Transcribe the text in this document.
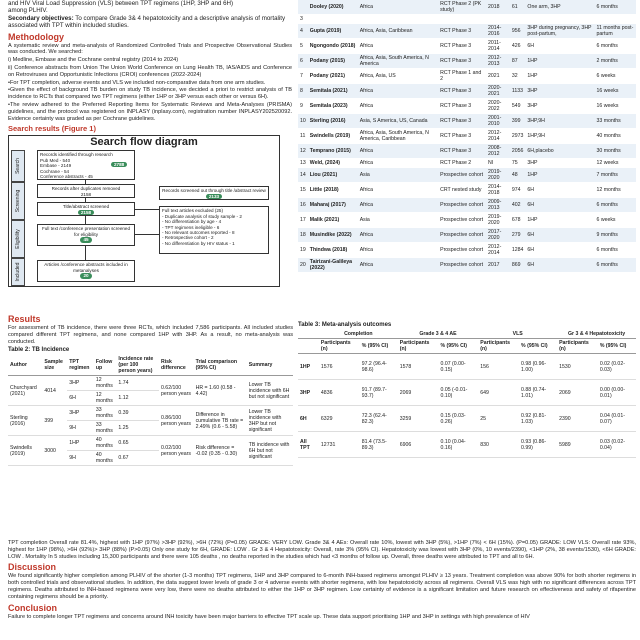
and HIV Viral Load Suppression (VLS) between TPT regimens (1HP, 3HP and 6H)

among PLHIV.

Secondary objectives: To compare Grade 3& 4 hepatotoxicity and a descriptive analysis of mortality associated with TPT within included studies.

Methodology

A systematic review and meta-analysis of Randomized Controlled Trials and Prospective Observational Studies was conducted. We searched:

i) Medline, Embase and the Cochrane central registry (2014 to 2024)

ii) Conference abstracts from Union The Union World Conference on Lung Health TB, IAS/AIDS and Conference on Retroviruses and Opportunistic Infections (CROI) conferences (2022-2024)

•For TPT completion, adverse events and VLS we included non-comparative data from one arm studies.

•Given the effect of background TB burden on study TB incidence, we decided a priori to restrict analysis of TB incidence to RCTs that compared two TPT regimens (either 1HP or 3HP versus each other or versus 6H).

•The review adhered to the Preferred Reporting Items for Systematic Reviews and Meta-Analyses (PRISMA) guidelines, and the protocol was registered on INPLASY (inplasy.com), registration number INPLASY202520092. Evidence certainty was graded as per Cochrane guidelines.

Search results (Figure 1)
Search flow diagram
Search
Screening
Eligibility
Included
Records identified through research
Pub Med - 540
Embase - 2149
Cochrane - 54
Conference abstracts - 45
2788
Records after duplicates removed
2158
Records screened out through title /abstract review
2133
Title/abstract screened
2158	Full text articles excluded (25)
- Duplicate analysis of study sample - 2
- No differentiation by age - 4
- TPT regimens ineligible - 6
- No relevant outcomes reported - 8
- Retrospective cohort - 2
- No differentiation by HIV status - 1
Full text /conference presentation screened for eligibility
45
Articles /conference abstracts included in metanalyses
20
	Dooley (2020)	Africa	RCT Phase 2 (PK study)	2018	61	One arm, 3HP	6 months
3							
4	Gupta (2019)	Africa, Asia, Caribbean	RCT Phase 3	2014-2016	956	3HP during pregnancy, 3HP post-partum,	11 months post-partum
5	Ngongondo (2018)	Africa	RCT Phase 3	2011-2014	426	6H	6 months
6	Podany (2015)	Africa, Asia, South America, N America	RCT Phase 3	2012-2013	87	1HP	2 months
7	Podany (2021)	Africa, Asia, US	RCT Phase 1 and 2	2021	32	1HP	6 weeks
8	Semitala (2021)	Africa	RCT Phase 3	2020-2021	1133	3HP	16 weeks
9	Semitala (2023)	Africa	RCT Phase 3	2020-2022	549	3HP	16 weeks
10	Sterling (2016)	Asia, S America, US, Canada	RCT Phase 3	2001-2010	399	3HP,9H	33 months
11	Swindells (2019)	Africa, Asia, South America, N America, Caribbean	RCT Phase 3	2012-2014	2973	1HP,9H	40 months
12	Temprano (2015)	Africa	RCT Phase 3	2008-2012	2056	6H,placebo	30 months
13	Weld, (2024)	Africa	RCT Phase 2	NI	75	3HP	12 weeks
14	Liou (2021)	Asia	Prospective cohort	2019-2020	48	1HP	7 months
15	Little (2018)	Africa	CRT nested study	2014-2018	974	6H	12 months
16	Maharaj (2017)	Africa	Prospective cohort	2009-2013	402	6H	6 months
17	Malik (2021)	Asia	Prospective cohort	2019-2020	678	1HP	6 weeks
18	Musindike (2022)	Africa	Prospective cohort	2017-2020	279	6H	9 months
19	Thindwa (2018)	Africa	Prospective cohort	2012-2014	1284	6H	6 months
20	Tairizani-Galileya (2022)	Africa	Prospective cohort	2017	869	6H	6 months
Results

For assessment of TB incidence, there were three RCTs, which included 7,586 participants. All included studies compared different TPT regimens, and none compared 1HP with 3HP. As a result, no meta-analysis was conducted.

Table 2: TB Incidence
Author	Sample size	TPT regimen	Follow up	Incidence rate (per 100 person years)	Risk difference	Trial comparison (95% CI)	Summary
Churchyard (2021)	4014	3HP	12 months	1.74	0.62/100 person years	HR = 1.60 (0.58 - 4.42)	Lower TB incidence with 6H but not significant
		6H	12 months	1.12			
Sterling (2016)	399	3HP	33 months	0.39	0.86/100 person years	Difference in cumulative TB rate = 2.49% (0.6 - 5.58)	Lower TB incidence with 3HP but not significant
		9H	33 months	1.25			
Swindells (2019)	3000	1HP	40 months	0.65	0.02/100 person years	Risk difference = -0.02 (0.35 - 0.30)	TB incidence with 6H but not significant
		9H	40 months	0.67			
Table 3: Meta-analysis outcomes
	Completion		Grade 3 & 4 AE		VLS		Gr 3 & 4 Hepatotoxicity	
	Participants (n)	% (95% CI)	Participants (n)	% (95% CI)	Participants (n)	% (95% CI)	Participants (n)	% (95% CI)
1HP	1576	97.2 (96.4-98.6)	1578	0.07 (0.00-0.15)	156	0.98 (0.96-1.00)	1530	0.02 (0.02-0.03)
3HP	4836	91.7 (89.7-93.7)	2069	0.05 (-0.01-0.10)	649	0.88 (0.74-1.01)	2069	0.00 (0.00-0.01)
6H	6329	72.3 (62.4-82.3)	3259	0.15 (0.03-0.26)	25	0.92 (0.81-1.03)	2390	0.04 (0.01-0.07)
All TPT	12731	81.4 (73.5-89.3)	6906	0.10 (0.04-0.16)	830	0.93 (0.86-0.99)	5989	0.03 (0.02-0.04)

TPT completion Overall rate 81.4%, highest with 1HP (97%) >3HP (92%), >6H (72%) (P=0.05) GRADE: VERY LOW. Grade 3& 4 AEs: Overall rate 10%, lowest with 3HP (5%), >1HP (7%) < 6H (15%). (P=0.05) GRADE: LOW VLS: Overall rate 93%, highest for 1HP (98%), >6H (92%)> 3HP (88%) (P>0.05) Only one study for 6H, GRADE: LOW . Gr 3 & 4 Hepatotoxicity: Overall, rate 3% (95% CI). Hepatotoxicity was lowest with 3HP (0%, 10 events/2390), <1HP (2%, 38 events/1530), <6H GRADE: LOW . Mortality In 5 studies including 15,300 participants and there were 105 deaths , no deaths reported in the studies which had <3 months of follow up. Overall, three deaths were attributed to TPT and all to 6H.

Discussion

We found significantly higher completion among PLHIV of the shorter (1-3 months) TPT regimens, 1HP and 3HP compared to 6-month INH-based regimens amongst PLHIV ≥ 13 years. Treatment completion was above 90% for both shorter regimens in both controlled trials and observational studies. In addition, the data suggest lower levels of grade 3 or 4 adverse events with shorter regimens, with low hepatotoxicity across all regimens. Overall VLS was high with no significant differences across TPT regimens. Deaths attributed to INH-based regimens were very low, there were no deaths attributed to either the 1HP or 3HP regimen. Low certainty of evidence is a significant limitation and future research on effectiveness and safety of rifapentine containing regimens should be a priority.

Conclusion

Failure to complete longer TPT regimens and concerns around INH toxicity have been major barriers to effective TPT scale up. These data support prioritising 1HP and 3HP in settings with high prevalence of HIV
